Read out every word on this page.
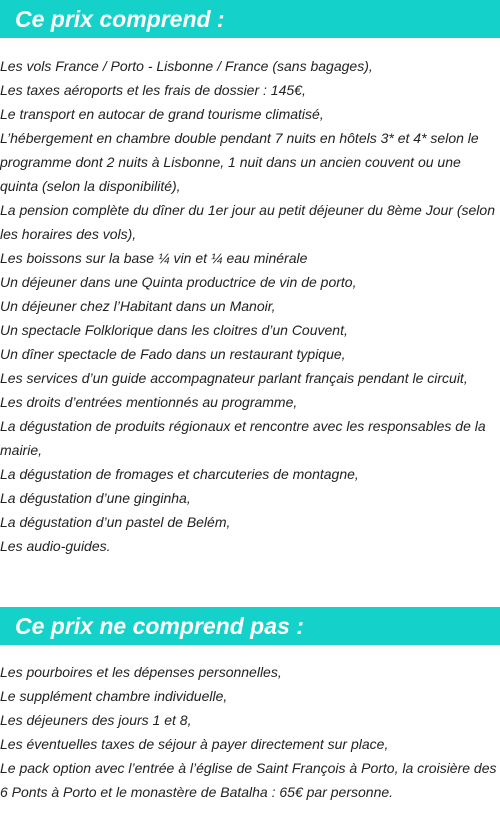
Ce prix comprend :
Les vols France / Porto - Lisbonne / France (sans bagages),
Les taxes aéroports et les frais de dossier : 145€,
Le transport en autocar de grand tourisme climatisé,
L’hébergement en chambre double pendant 7 nuits en hôtels 3* et 4* selon le programme dont 2 nuits à Lisbonne, 1 nuit dans un ancien couvent ou une quinta (selon la disponibilité),
La pension complète du dîner du 1er jour au petit déjeuner du 8ème Jour (selon les horaires des vols),
Les boissons sur la base ¼ vin et ¼ eau minérale
Un déjeuner dans une Quinta productrice de vin de porto,
Un déjeuner chez l’Habitant dans un Manoir,
Un spectacle Folklorique dans les cloitres d’un Couvent,
Un dîner spectacle de Fado dans un restaurant typique,
Les services d’un guide accompagnateur parlant français pendant le circuit,
Les droits d’entrées mentionnés au programme,
La dégustation de produits régionaux et rencontre avec les responsables de la mairie,
La dégustation de fromages et charcuteries de montagne,
La dégustation d’une ginginha,
La dégustation d’un pastel de Belém,
Les audio-guides.
Ce prix ne comprend pas :
Les pourboires et les dépenses personnelles,
Le supplément chambre individuelle,
Les déjeuners des jours 1 et 8,
Les éventuelles taxes de séjour à payer directement sur place,
Le pack option avec l’entrée à l’église de Saint François à Porto, la croisière des 6 Ponts à Porto et le monastère de Batalha : 65€ par personne.
